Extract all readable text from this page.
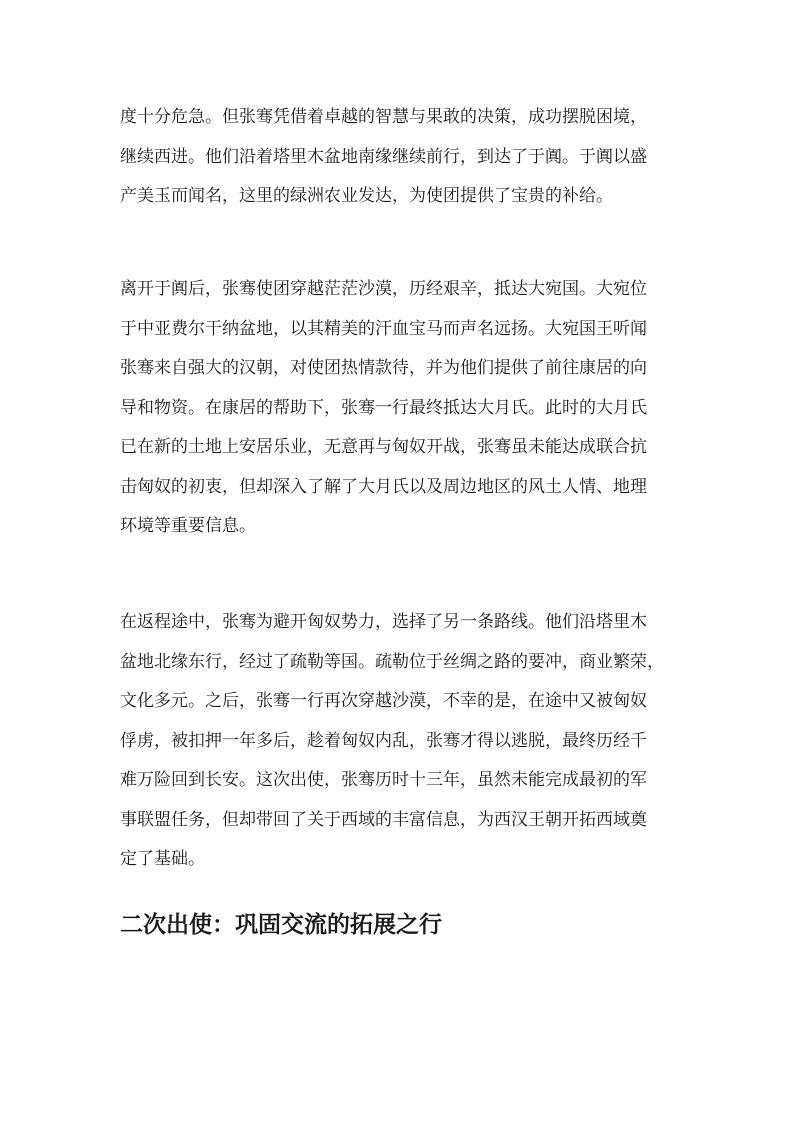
度十分危急。但张骞凭借着卓越的智慧与果敢的决策，成功摆脱困境，
继续西进。他们沿着塔里木盆地南缘继续前行，到达了于阗。于阗以盛
产美玉而闻名，这里的绿洲农业发达，为使团提供了宝贵的补给。
离开于阗后，张骞使团穿越茫茫沙漠，历经艰辛，抵达大宛国。大宛位
于中亚费尔干纳盆地，以其精美的汗血宝马而声名远扬。大宛国王听闻
张骞来自强大的汉朝，对使团热情款待，并为他们提供了前往康居的向
导和物资。在康居的帮助下，张骞一行最终抵达大月氏。此时的大月氏
已在新的土地上安居乐业，无意再与匈奴开战，张骞虽未能达成联合抗
击匈奴的初衷，但却深入了解了大月氏以及周边地区的风土人情、地理
环境等重要信息。
在返程途中，张骞为避开匈奴势力，选择了另一条路线。他们沿塔里木
盆地北缘东行，经过了疏勒等国。疏勒位于丝绸之路的要冲，商业繁荣，
文化多元。之后，张骞一行再次穿越沙漠，不幸的是，在途中又被匈奴
俘虏，被扣押一年多后，趁着匈奴内乱，张骞才得以逃脱，最终历经千
难万险回到长安。这次出使，张骞历时十三年，虽然未能完成最初的军
事联盟任务，但却带回了关于西域的丰富信息，为西汉王朝开拓西域奠
定了基础。
二次出使：巩固交流的拓展之行
